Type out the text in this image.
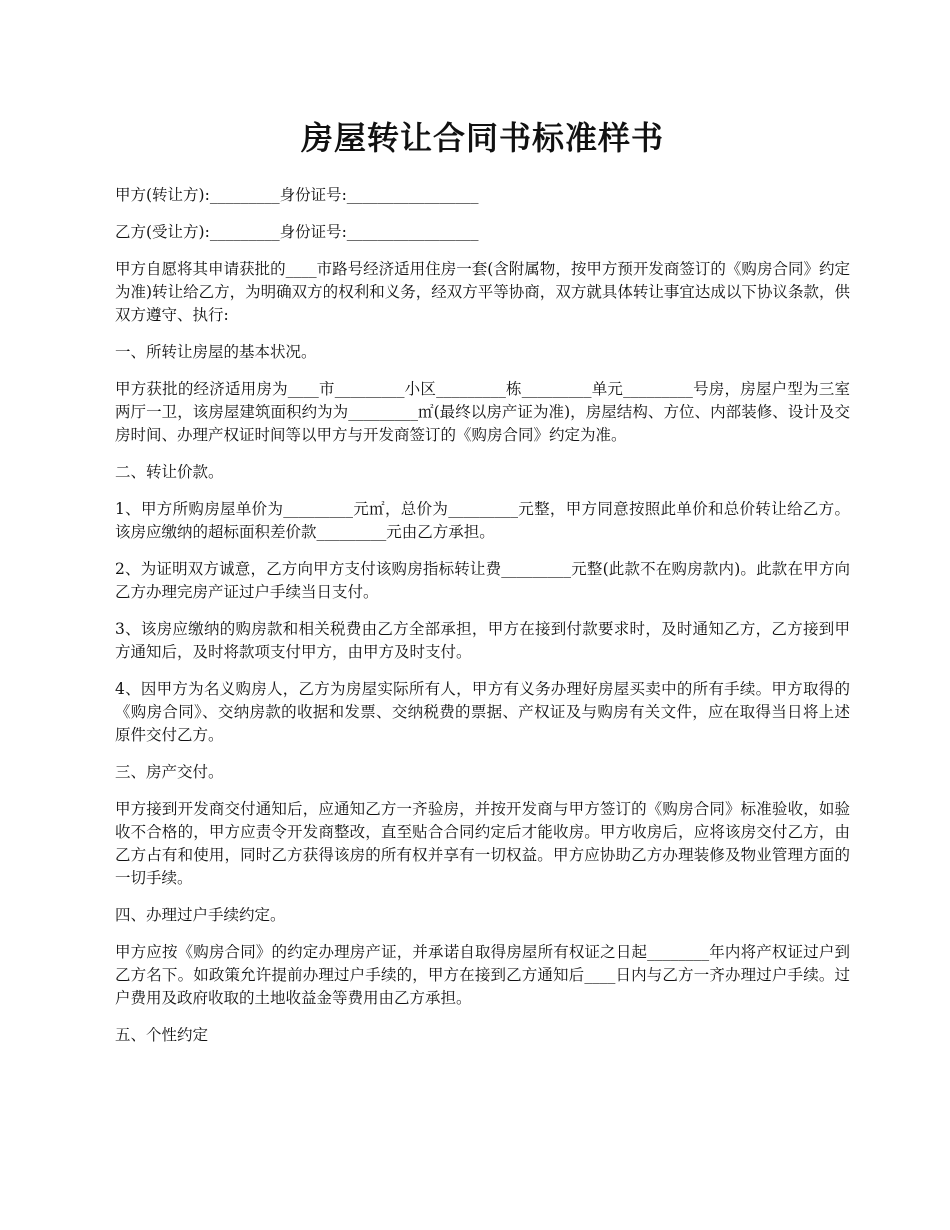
房屋转让合同书标准样书

甲方(转让方):_________身份证号:_________________

乙方(受让方):_________身份证号:_________________

甲方自愿将其申请获批的____市路号经济适用住房一套(含附属物，按甲方预开发商签订的《购房合同》约定为准)转让给乙方，为明确双方的权利和义务，经双方平等协商，双方就具体转让事宜达成以下协议条款，供双方遵守、执行:

一、所转让房屋的基本状况。

甲方获批的经济适用房为____市_________小区_________栋_________单元_________号房，房屋户型为三室两厅一卫，该房屋建筑面积约为为_________㎡(最终以房产证为准)，房屋结构、方位、内部装修、设计及交房时间、办理产权证时间等以甲方与开发商签订的《购房合同》约定为准。

二、转让价款。

1、甲方所购房屋单价为_________元㎡，总价为_________元整，甲方同意按照此单价和总价转让给乙方。该房应缴纳的超标面积差价款_________元由乙方承担。

2、为证明双方诚意，乙方向甲方支付该购房指标转让费_________元整(此款不在购房款内)。此款在甲方向乙方办理完房产证过户手续当日支付。

3、该房应缴纳的购房款和相关税费由乙方全部承担，甲方在接到付款要求时，及时通知乙方，乙方接到甲方通知后，及时将款项支付甲方，由甲方及时支付。

4、因甲方为名义购房人，乙方为房屋实际所有人，甲方有义务办理好房屋买卖中的所有手续。甲方取得的《购房合同》、交纳房款的收据和发票、交纳税费的票据、产权证及与购房有关文件，应在取得当日将上述原件交付乙方。

三、房产交付。

甲方接到开发商交付通知后，应通知乙方一齐验房，并按开发商与甲方签订的《购房合同》标准验收，如验收不合格的，甲方应责令开发商整改，直至贴合合同约定后才能收房。甲方收房后，应将该房交付乙方，由乙方占有和使用，同时乙方获得该房的所有权并享有一切权益。甲方应协助乙方办理装修及物业管理方面的一切手续。

四、办理过户手续约定。

甲方应按《购房合同》的约定办理房产证，并承诺自取得房屋所有权证之日起________年内将产权证过户到乙方名下。如政策允许提前办理过户手续的，甲方在接到乙方通知后____日内与乙方一齐办理过户手续。过户费用及政府收取的土地收益金等费用由乙方承担。

五、个性约定
